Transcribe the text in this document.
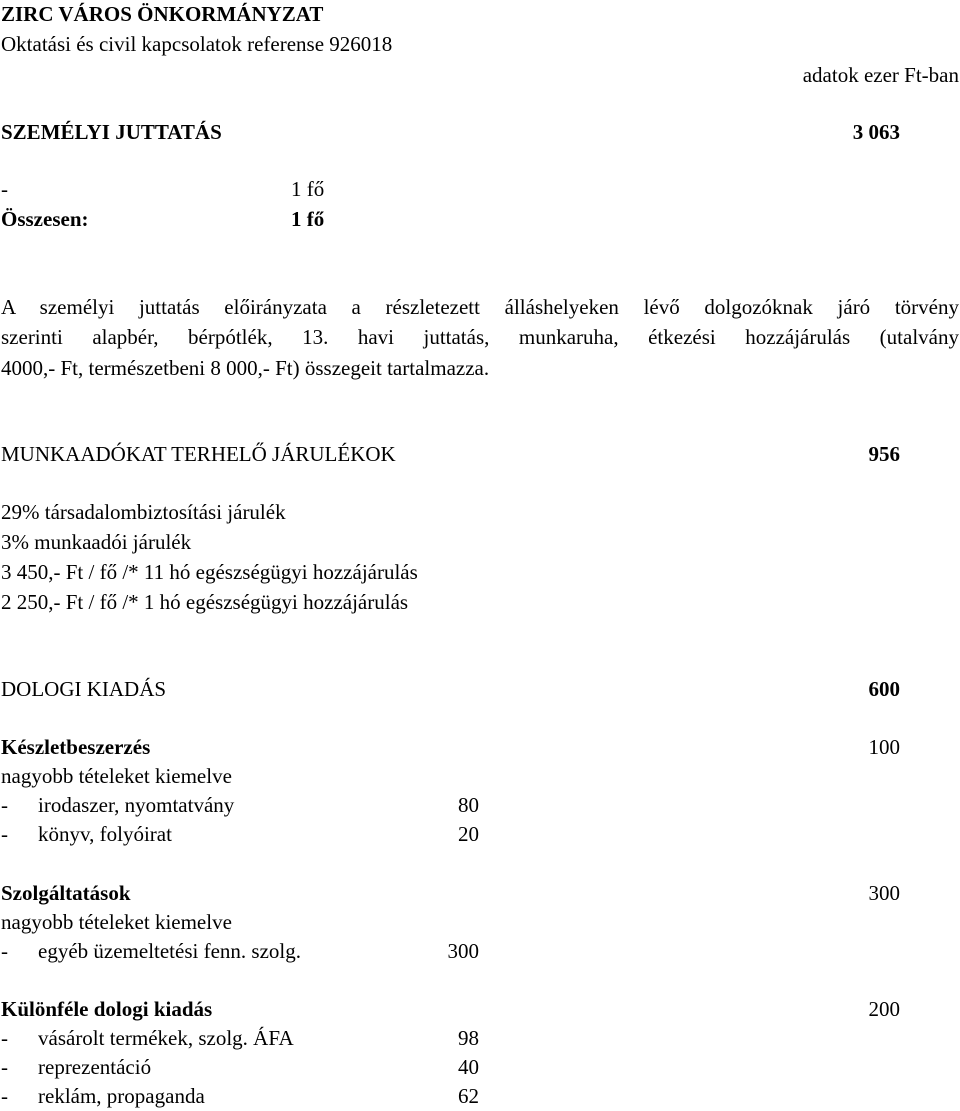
ZIRC VÁROS ÖNKORMÁNYZAT
Oktatási és civil kapcsolatok referense 926018
adatok ezer Ft-ban
SZEMÉLYI JUTTATÁS	3 063
-	1 fő
Összesen:	1 fő
A személyi juttatás előirányzata a részletezett álláshelyeken lévő dolgozóknak járó törvény
szerinti alapbér, bérpótlék, 13. havi juttatás, munkaruha, étkezési hozzájárulás (utalvány
4000,- Ft, természetbeni 8 000,- Ft) összegeit tartalmazza.
MUNKAADÓKAT TERHELŐ JÁRULÉKOK	956
29% társadalombiztosítási járulék
3% munkaadói járulék
3 450,- Ft / fő /* 11 hó egészségügyi hozzájárulás
2 250,- Ft / fő /* 1 hó egészségügyi hozzájárulás
DOLOGI KIADÁS	600
Készletbeszerzés	100
nagyobb tételeket kiemelve
- irodaszer, nyomtatvány	80
- könyv, folyóirat	20
Szolgáltatások	300
nagyobb tételeket kiemelve
- egyéb üzemeltetési fenn. szolg.	300
Különféle dologi kiadás	200
- vásárolt termékek, szolg. ÁFA	98
- reprezentáció	40
- reklám, propaganda	62
